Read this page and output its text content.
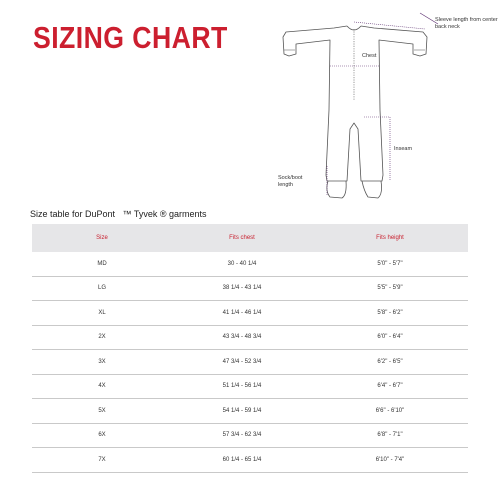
SIZING CHART	Sleeve length from center back neck
Chest
Inseam
Sock/boot length
Size table for DuPont   ™ Tyvek ® garments
Size	Fits chest	Fits height
MD	30 - 40 1/4	5'0" - 5'7"
LG	38 1/4 - 43 1/4	5'5" - 5'9"
XL	41 1/4 - 46 1/4	5'8" - 6'2"
2X	43 3/4 - 48 3/4	6'0" - 6'4"
3X	47 3/4 - 52 3/4	6'2" - 6'5"
4X	51 1/4 - 56 1/4	6'4" - 6'7"
5X	54 1/4 - 59 1/4	6'6" - 6'10"
6X	57 3/4 - 62 3/4	6'8" - 7'1"
7X	60 1/4 - 65 1/4	6'10" - 7'4"
